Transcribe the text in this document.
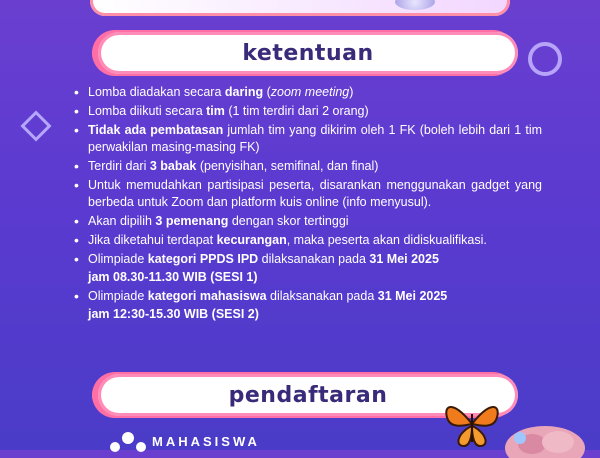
ketentuan
• Lomba diadakan secara daring (zoom meeting)
• Lomba diikuti secara tim (1 tim terdiri dari 2 orang)
• Tidak ada pembatasan jumlah tim yang dikirim oleh 1 FK (boleh lebih dari 1 tim perwakilan masing-masing FK)
• Terdiri dari 3 babak (penyisihan, semifinal, dan final)
• Untuk memudahkan partisipasi peserta, disarankan menggunakan gadget yang berbeda untuk Zoom dan platform kuis online (info menyusul).
• Akan dipilih 3 pemenang dengan skor tertinggi
• Jika diketahui terdapat kecurangan, maka peserta akan didiskualifikasi.
• Olimpiade kategori PPDS IPD dilaksanakan pada 31 Mei 2025
jam 08.30-11.30 WIB (SESI 1)
• Olimpiade kategori mahasiswa dilaksanakan pada 31 Mei 2025
jam 12:30-15.30 WIB (SESI 2)
pendaftaran
MAHASISWA
